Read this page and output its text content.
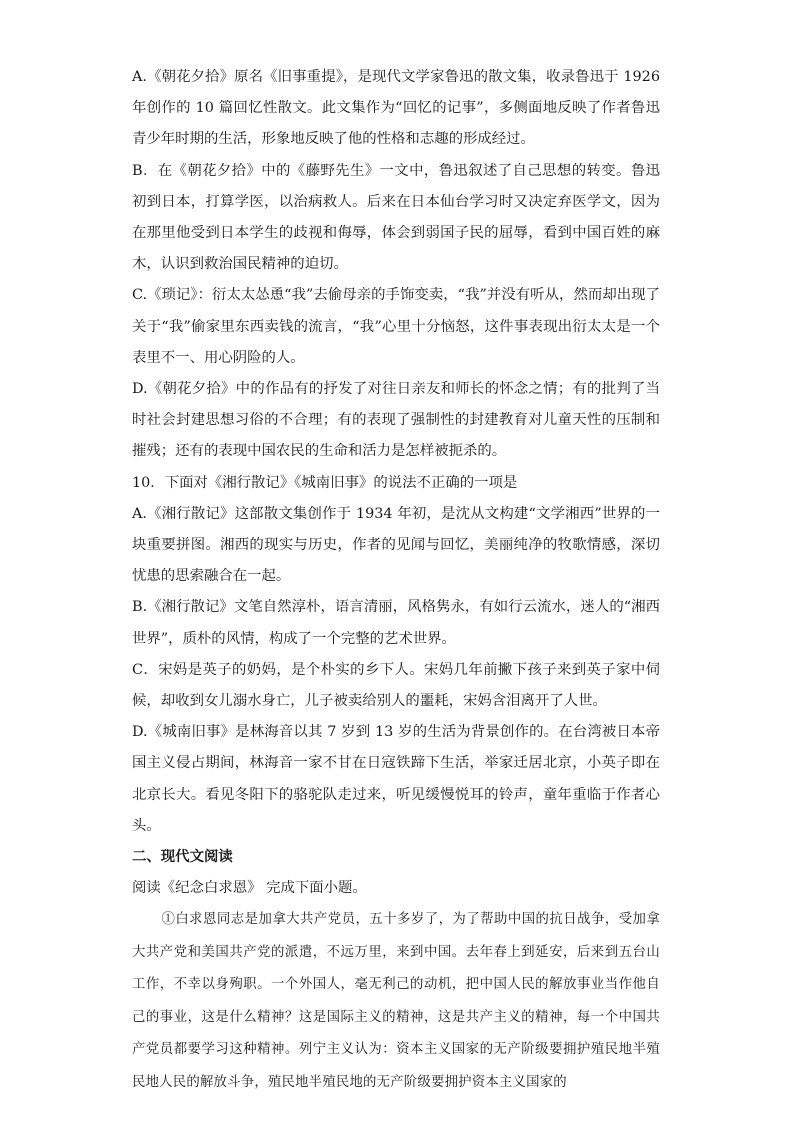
A.《朝花夕拾》原名《旧事重提》，是现代文学家鲁迅的散文集，收录鲁迅于 1926 年创作的 10 篇回忆性散文。此文集作为“回忆的记事”，多侧面地反映了作者鲁迅青少年时期的生活，形象地反映了他的性格和志趣的形成经过。

B．在《朝花夕拾》中的《藤野先生》一文中，鲁迅叙述了自己思想的转变。鲁迅初到日本，打算学医，以治病救人。后来在日本仙台学习时又决定弃医学文，因为在那里他受到日本学生的歧视和侮辱，体会到弱国子民的屈辱，看到中国百姓的麻木，认识到救治国民精神的迫切。

C.《琐记》：衍太太怂恿“我”去偷母亲的手饰变卖，“我”并没有听从，然而却出现了关于“我”偷家里东西卖钱的流言，“我”心里十分恼怒，这件事表现出衍太太是一个表里不一、用心阴险的人。

D.《朝花夕拾》中的作品有的抒发了对往日亲友和师长的怀念之情；有的批判了当时社会封建思想习俗的不合理；有的表现了强制性的封建教育对儿童天性的压制和摧残；还有的表现中国农民的生命和活力是怎样被扼杀的。

10．下面对《湘行散记》《城南旧事》的说法不正确的一项是

A.《湘行散记》这部散文集创作于 1934 年初，是沈从文构建“文学湘西”世界的一块重要拼图。湘西的现实与历史，作者的见闻与回忆，美丽纯净的牧歌情感，深切忧患的思索融合在一起。

B.《湘行散记》文笔自然淳朴，语言清丽，风格隽永，有如行云流水，迷人的“湘西世界”，质朴的风情，构成了一个完整的艺术世界。

C．宋妈是英子的奶妈，是个朴实的乡下人。宋妈几年前撇下孩子来到英子家中伺候，却收到女儿溺水身亡，儿子被卖给别人的噩耗，宋妈含泪离开了人世。

D.《城南旧事》是林海音以其 7 岁到 13 岁的生活为背景创作的。在台湾被日本帝国主义侵占期间，林海音一家不甘在日寇铁蹄下生活，举家迁居北京，小英子即在北京长大。看见冬阳下的骆驼队走过来，听见缓慢悦耳的铃声，童年重临于作者心头。

二、现代文阅读

阅读《纪念白求恩》 完成下面小题。

①白求恩同志是加拿大共产党员，五十多岁了，为了帮助中国的抗日战争，受加拿大共产党和美国共产党的派遣，不远万里，来到中国。去年春上到延安，后来到五台山工作，不幸以身殉职。一个外国人，毫无利己的动机，把中国人民的解放事业当作他自己的事业，这是什么精神？这是国际主义的精神，这是共产主义的精神，每一个中国共产党员都要学习这种精神。列宁主义认为：资本主义国家的无产阶级要拥护殖民地半殖民地人民的解放斗争，殖民地半殖民地的无产阶级要拥护资本主义国家的
